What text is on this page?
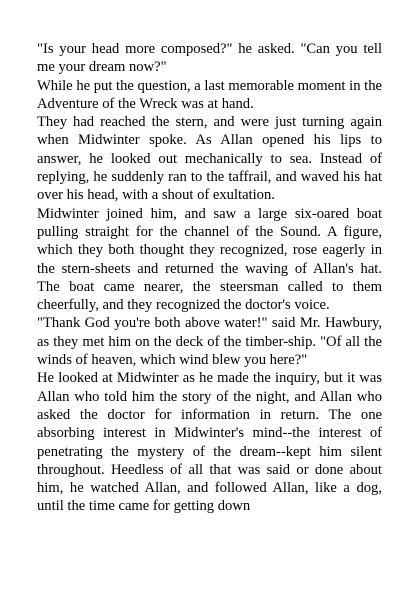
"Is your head more composed?" he asked. "Can you tell me your dream now?"

While he put the question, a last memorable moment in the Adventure of the Wreck was at hand.

They had reached the stern, and were just turning again when Midwinter spoke. As Allan opened his lips to answer, he looked out mechanically to sea. Instead of replying, he suddenly ran to the taffrail, and waved his hat over his head, with a shout of exultation.

Midwinter joined him, and saw a large six-oared boat pulling straight for the channel of the Sound. A figure, which they both thought they recognized, rose eagerly in the stern-sheets and returned the waving of Allan's hat. The boat came nearer, the steersman called to them cheerfully, and they recognized the doctor's voice.

"Thank God you're both above water!" said Mr. Hawbury, as they met him on the deck of the timber-ship. "Of all the winds of heaven, which wind blew you here?"

He looked at Midwinter as he made the inquiry, but it was Allan who told him the story of the night, and Allan who asked the doctor for information in return. The one absorbing interest in Midwinter's mind--the interest of penetrating the mystery of the dream--kept him silent throughout. Heedless of all that was said or done about him, he watched Allan, and followed Allan, like a dog, until the time came for getting down
